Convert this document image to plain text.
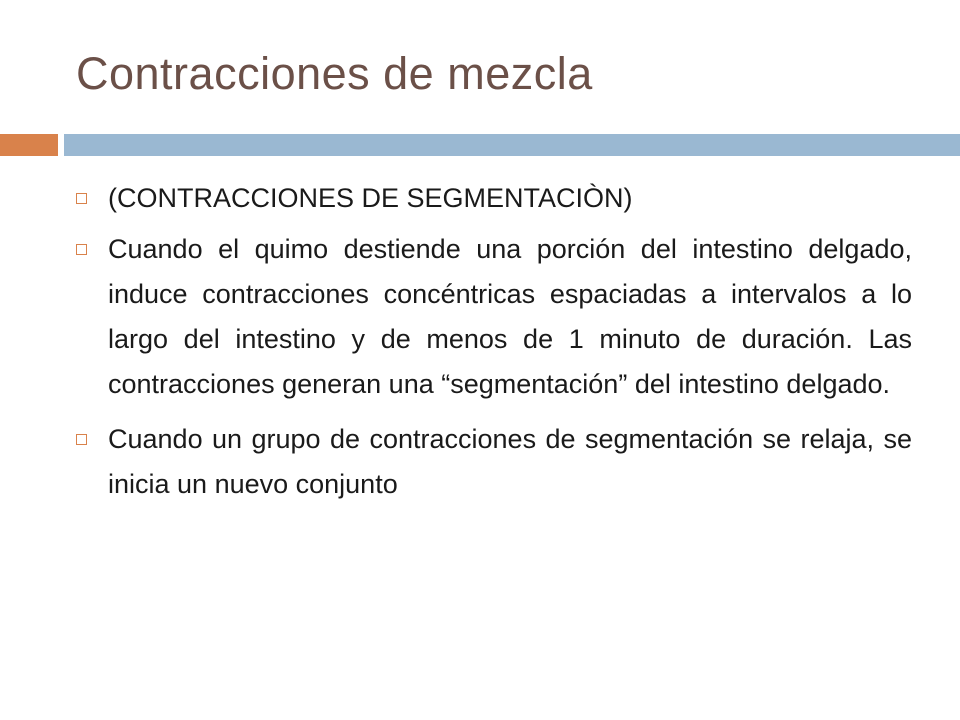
Contracciones de mezcla
(CONTRACCIONES DE SEGMENTACIÒN)
Cuando el quimo destiende una porción del intestino delgado, induce contracciones concéntricas espaciadas a intervalos a lo largo del intestino y de menos de 1 minuto de duración. Las contracciones generan una “segmentación” del intestino delgado.
Cuando un grupo de contracciones de segmentación se relaja, se inicia un nuevo conjunto
